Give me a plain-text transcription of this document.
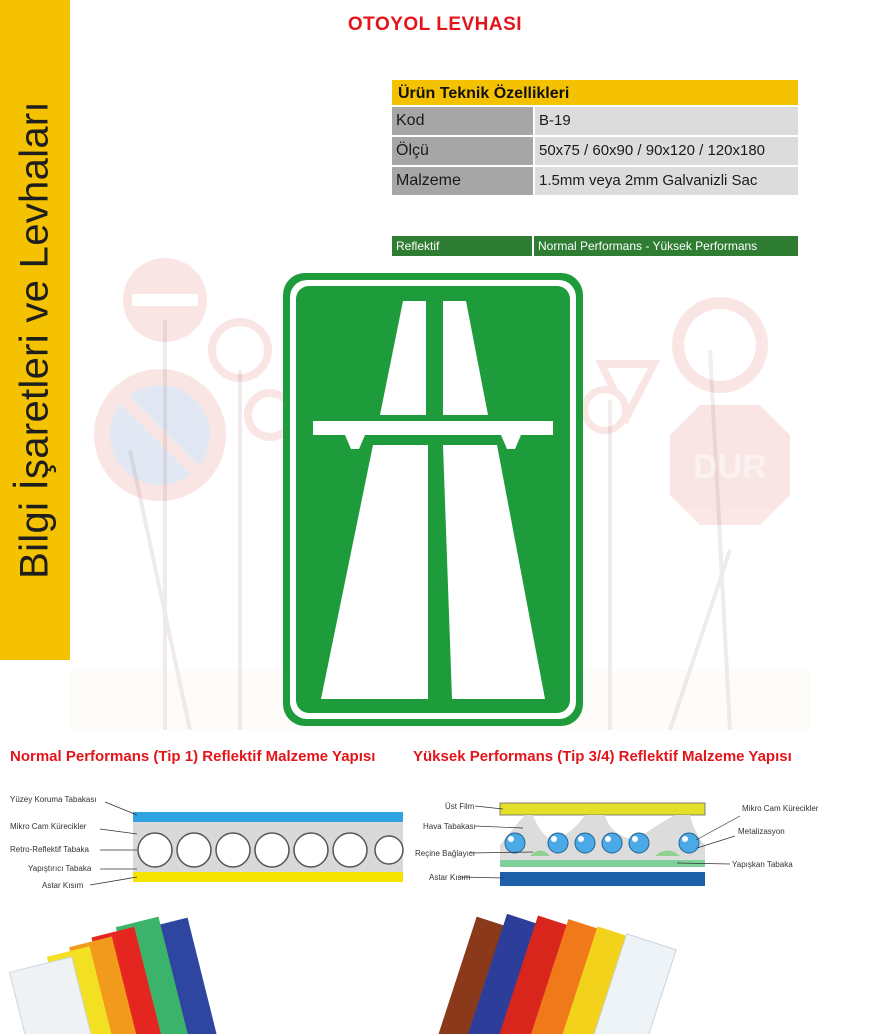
Bilgi İşaretleri ve Levhaları
OTOYOL LEVHASI
Ürün Teknik Özellikleri
Kod	B-19
Ölçü	50x75 / 60x90 / 90x120 / 120x180
Malzeme	1.5mm veya 2mm Galvanizli Sac
Reflektif	Normal Performans - Yüksek Performans
DUR
Normal Performans (Tip 1) Reflektif Malzeme Yapısı	Yüksek Performans (Tip 3/4) Reflektif Malzeme Yapısı
Yüzey Koruma Tabakası
Mikro Cam Kürecikler
Retro-Reflektif Tabaka
Yapıştırıcı Tabaka
Astar Kısım
Üst Film
Hava Tabakası
Reçine Bağlayıcı
Astar Kısım
Mikro Cam Kürecikler
Metalizasyon
Yapışkan Tabaka
